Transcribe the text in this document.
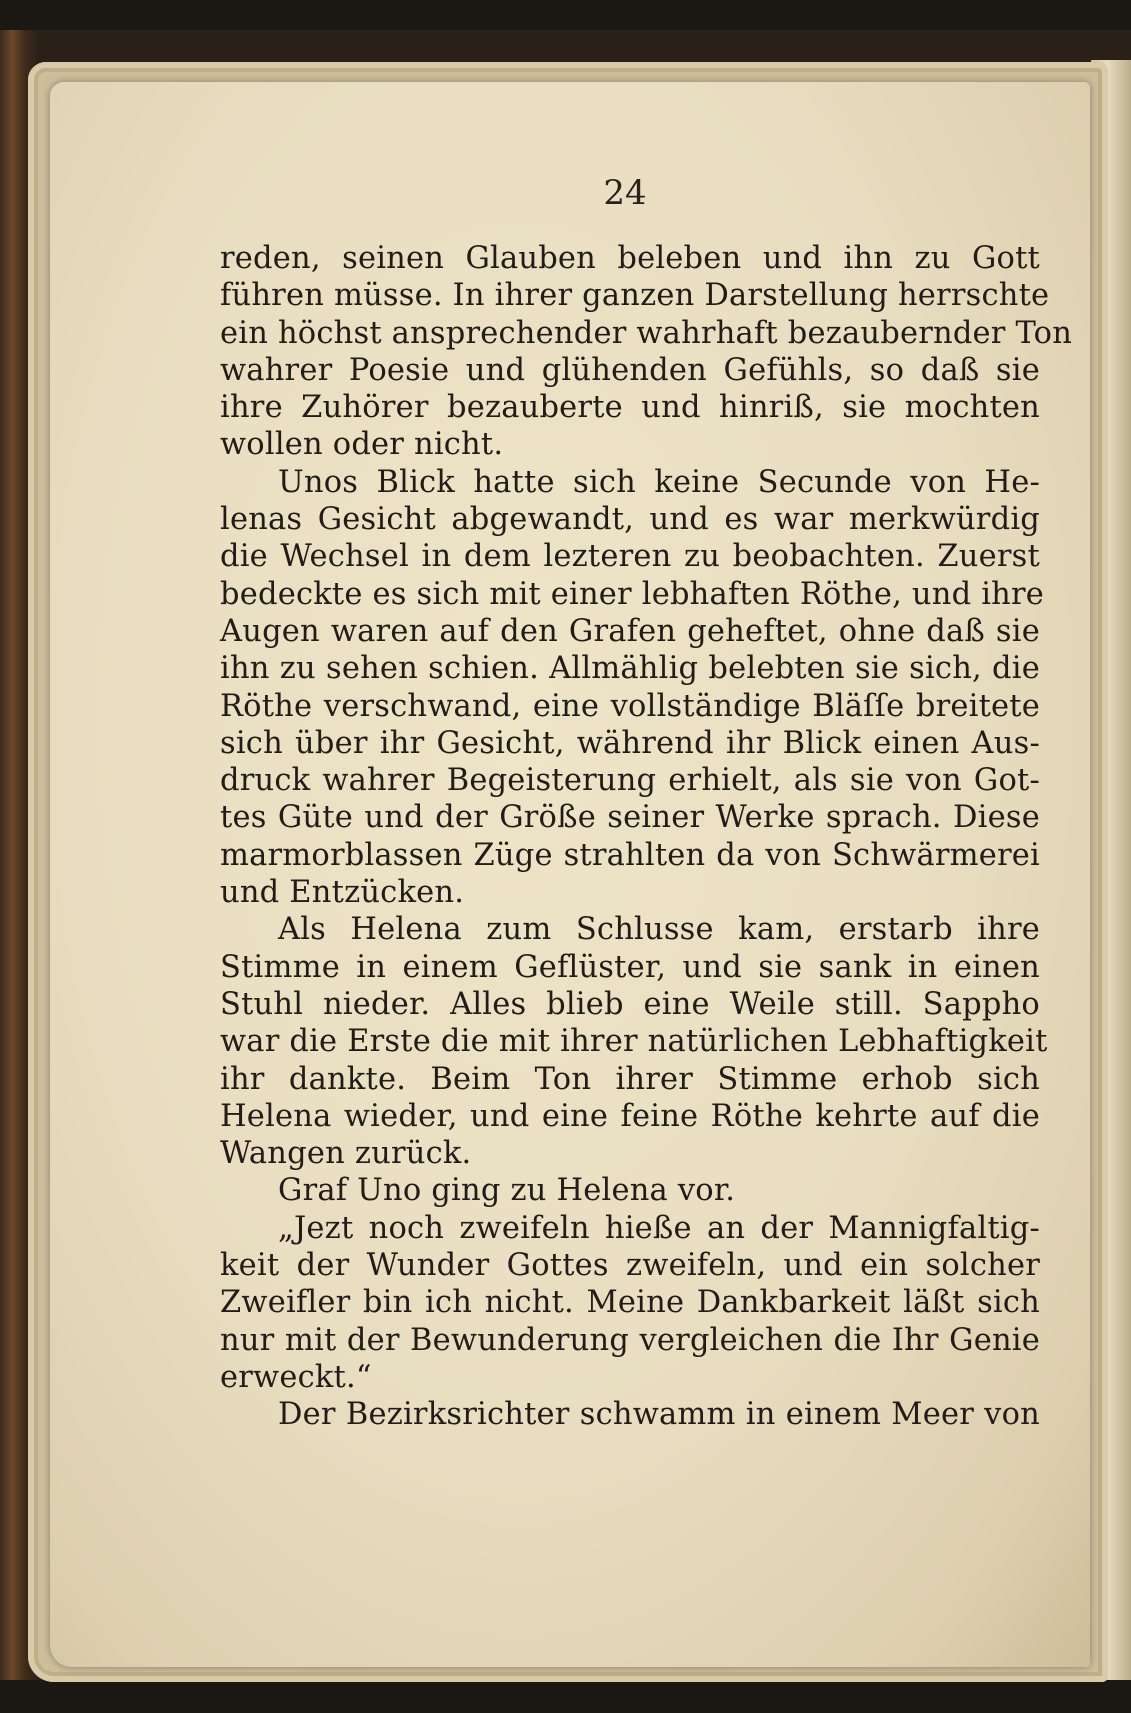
24
reden, seinen Glauben beleben und ihn zu Gott
führen müsse. In ihrer ganzen Darstellung herrschte
ein höchst ansprechender wahrhaft bezaubernder Ton
wahrer Poesie und glühenden Gefühls, so daß sie
ihre Zuhörer bezauberte und hinriß, sie mochten
wollen oder nicht.
Unos Blick hatte sich keine Secunde von He-
lenas Gesicht abgewandt, und es war merkwürdig
die Wechsel in dem lezteren zu beobachten. Zuerst
bedeckte es sich mit einer lebhaften Röthe, und ihre
Augen waren auf den Grafen geheftet, ohne daß sie
ihn zu sehen schien. Allmählig belebten sie sich, die
Röthe verschwand, eine vollständige Bläſſe breitete
sich über ihr Gesicht, während ihr Blick einen Aus-
druck wahrer Begeisterung erhielt, als sie von Got-
tes Güte und der Größe seiner Werke sprach. Diese
marmorblassen Züge strahlten da von Schwärmerei
und Entzücken.
Als Helena zum Schlusse kam, erstarb ihre
Stimme in einem Geflüster, und sie sank in einen
Stuhl nieder. Alles blieb eine Weile still. Sappho
war die Erste die mit ihrer natürlichen Lebhaftigkeit
ihr dankte. Beim Ton ihrer Stimme erhob sich
Helena wieder, und eine feine Röthe kehrte auf die
Wangen zurück.
Graf Uno ging zu Helena vor.
„Jezt noch zweifeln hieße an der Mannigfaltig-
keit der Wunder Gottes zweifeln, und ein solcher
Zweifler bin ich nicht. Meine Dankbarkeit läßt sich
nur mit der Bewunderung vergleichen die Ihr Genie
erweckt.“
Der Bezirksrichter schwamm in einem Meer von
